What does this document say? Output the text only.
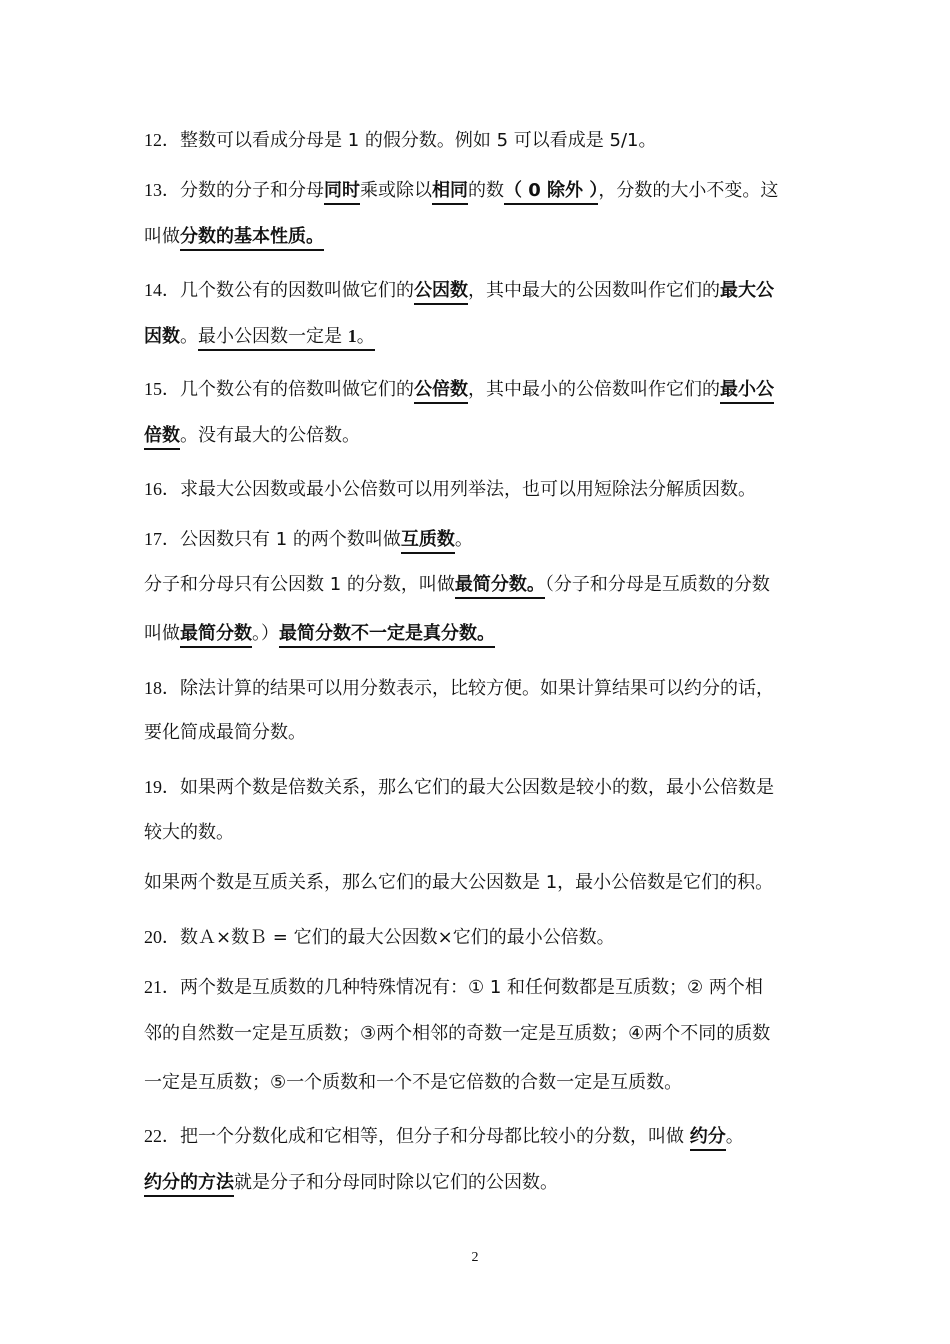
12．整数可以看成分母是 1 的假分数。例如 5 可以看成是 5/1。
13．分数的分子和分母同时乘或除以相同的数（ 0 除外 ），分数的大小不变。这
叫做分数的基本性质。
14．几个数公有的因数叫做它们的公因数，其中最大的公因数叫作它们的最大公
因数。最小公因数一定是 1。
15．几个数公有的倍数叫做它们的公倍数，其中最小的公倍数叫作它们的最小公
倍数。没有最大的公倍数。
16．求最大公因数或最小公倍数可以用列举法，也可以用短除法分解质因数。
17．公因数只有 1 的两个数叫做互质数。
分子和分母只有公因数 1 的分数，叫做最简分数。（分子和分母是互质数的分数
叫做最简分数。）最简分数不一定是真分数。
18．除法计算的结果可以用分数表示，比较方便。如果计算结果可以约分的话，
要化简成最简分数。
19．如果两个数是倍数关系，那么它们的最大公因数是较小的数，最小公倍数是
较大的数。
如果两个数是互质关系，那么它们的最大公因数是 1，最小公倍数是它们的积。
20．数Ａ×数Ｂ = 它们的最大公因数×它们的最小公倍数。
21．两个数是互质数的几种特殊情况有：① 1 和任何数都是互质数；② 两个相
邻的自然数一定是互质数；③两个相邻的奇数一定是互质数；④两个不同的质数
一定是互质数；⑤一个质数和一个不是它倍数的合数一定是互质数。
22．把一个分数化成和它相等，但分子和分母都比较小的分数，叫做 约分。
约分的方法就是分子和分母同时除以它们的公因数。
2
